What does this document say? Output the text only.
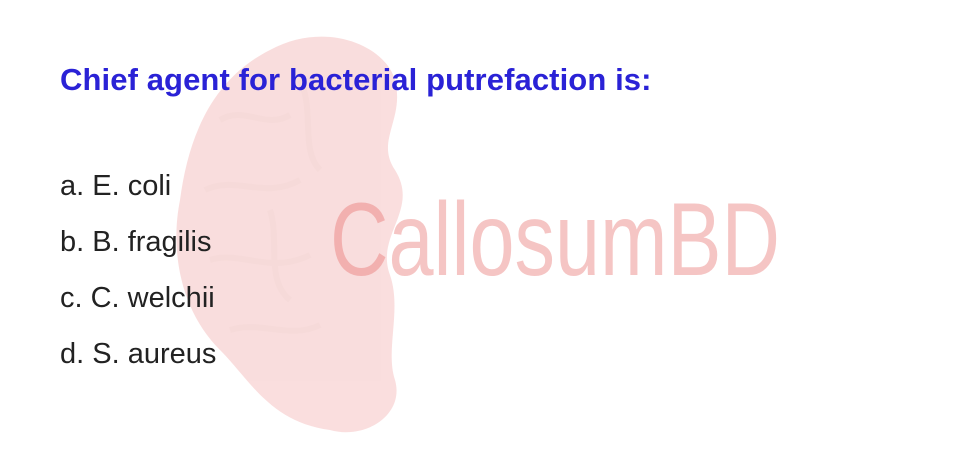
CallosumBD
Chief agent for bacterial putrefaction is:
a. E. coli
b. B. fragilis
c. C. welchii
d. S. aureus
